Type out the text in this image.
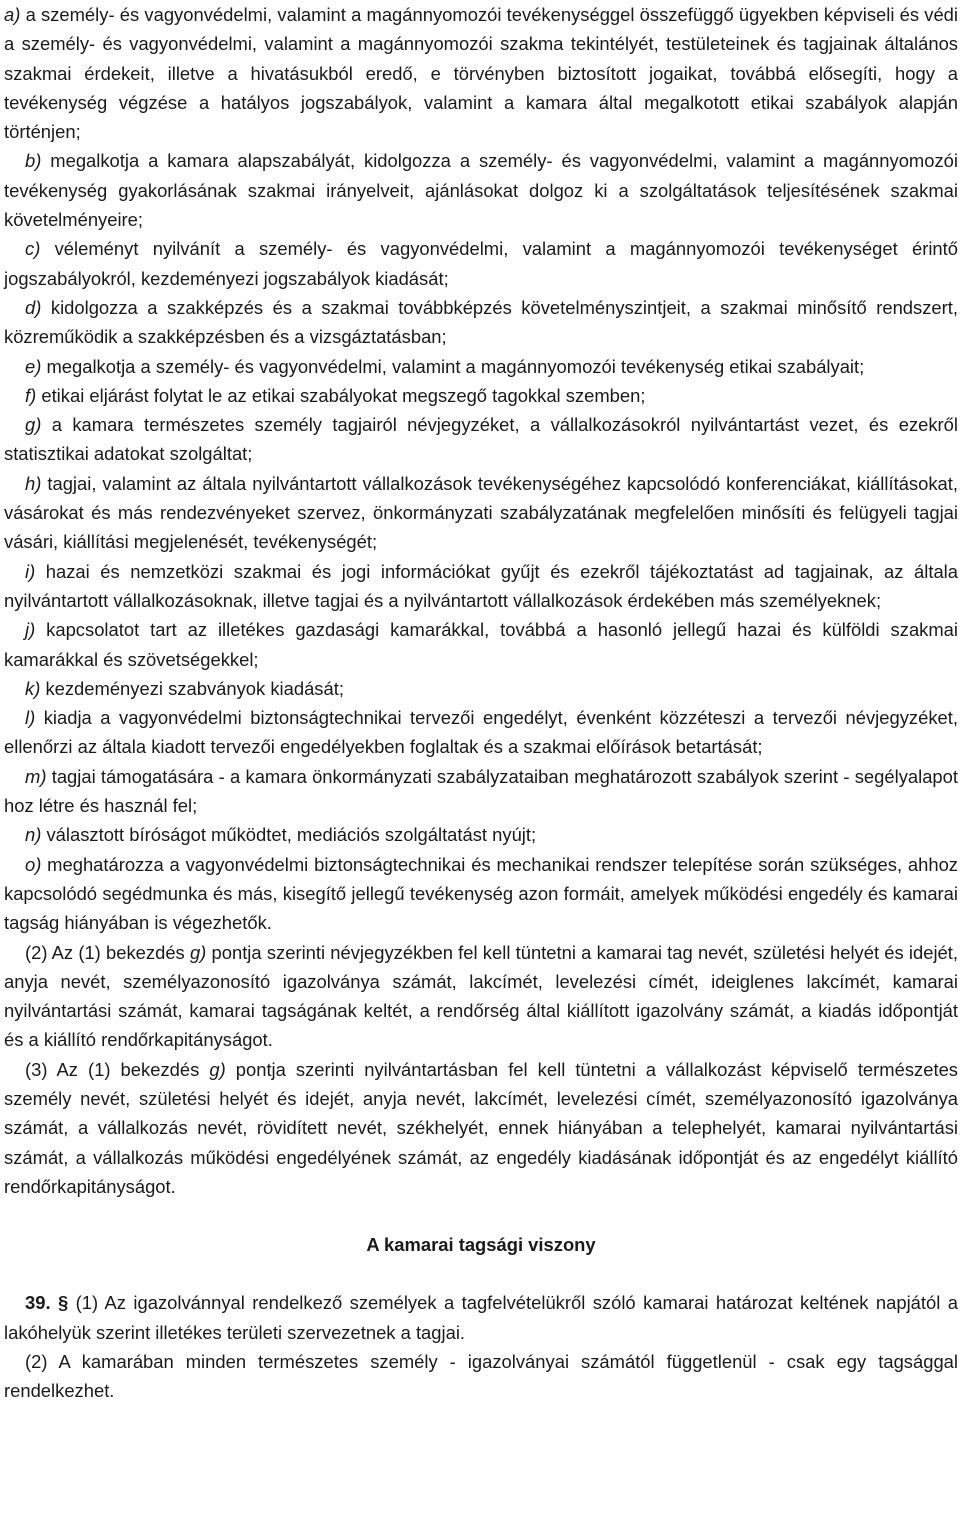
a) a személy- és vagyonvédelmi, valamint a magánnyomozói tevékenységgel összefüggő ügyekben képviseli és védi a személy- és vagyonvédelmi, valamint a magánnyomozói szakma tekintélyét, testületeinek és tagjainak általános szakmai érdekeit, illetve a hivatásukból eredő, e törvényben biztosított jogaikat, továbbá elősegíti, hogy a tevékenység végzése a hatályos jogszabályok, valamint a kamara által megalkotott etikai szabályok alapján történjen;
b) megalkotja a kamara alapszabályát, kidolgozza a személy- és vagyonvédelmi, valamint a magánnyomozói tevékenység gyakorlásának szakmai irányelveit, ajánlásokat dolgoz ki a szolgáltatások teljesítésének szakmai követelményeire;
c) véleményt nyilvánít a személy- és vagyonvédelmi, valamint a magánnyomozói tevékenységet érintő jogszabályokról, kezdeményezi jogszabályok kiadását;
d) kidolgozza a szakképzés és a szakmai továbbképzés követelményszintjeit, a szakmai minősítő rendszert, közreműködik a szakképzésben és a vizsgáztatásban;
e) megalkotja a személy- és vagyonvédelmi, valamint a magánnyomozói tevékenység etikai szabályait;
f) etikai eljárást folytat le az etikai szabályokat megszegő tagokkal szemben;
g) a kamara természetes személy tagjairól névjegyzéket, a vállalkozásokról nyilvántartást vezet, és ezekről statisztikai adatokat szolgáltat;
h) tagjai, valamint az általa nyilvántartott vállalkozások tevékenységéhez kapcsolódó konferenciákat, kiállításokat, vásárokat és más rendezvényeket szervez, önkormányzati szabályzatának megfelelően minősíti és felügyeli tagjai vásári, kiállítási megjelenését, tevékenységét;
i) hazai és nemzetközi szakmai és jogi információkat gyűjt és ezekről tájékoztatást ad tagjainak, az általa nyilvántartott vállalkozásoknak, illetve tagjai és a nyilvántartott vállalkozások érdekében más személyeknek;
j) kapcsolatot tart az illetékes gazdasági kamarákkal, továbbá a hasonló jellegű hazai és külföldi szakmai kamarákkal és szövetségekkel;
k) kezdeményezi szabványok kiadását;
l) kiadja a vagyonvédelmi biztonságtechnikai tervezői engedélyt, évenként közzéteszi a tervezői névjegyzéket, ellenőrzi az általa kiadott tervezői engedélyekben foglaltak és a szakmai előírások betartását;
m) tagjai támogatására - a kamara önkormányzati szabályzataiban meghatározott szabályok szerint - segélyalapot hoz létre és használ fel;
n) választott bíróságot működtet, mediációs szolgáltatást nyújt;
o) meghatározza a vagyonvédelmi biztonságtechnikai és mechanikai rendszer telepítése során szükséges, ahhoz kapcsolódó segédmunka és más, kisegítő jellegű tevékenység azon formáit, amelyek működési engedély és kamarai tagság hiányában is végezhetők.
(2) Az (1) bekezdés g) pontja szerinti névjegyzékben fel kell tüntetni a kamarai tag nevét, születési helyét és idejét, anyja nevét, személyazonosító igazolványa számát, lakcímét, levelezési címét, ideiglenes lakcímét, kamarai nyilvántartási számát, kamarai tagságának keltét, a rendőrség által kiállított igazolvány számát, a kiadás időpontját és a kiállító rendőrkapitányságot.
(3) Az (1) bekezdés g) pontja szerinti nyilvántartásban fel kell tüntetni a vállalkozást képviselő természetes személy nevét, születési helyét és idejét, anyja nevét, lakcímét, levelezési címét, személyazonosító igazolványa számát, a vállalkozás nevét, rövidített nevét, székhelyét, ennek hiányában a telephelyét, kamarai nyilvántartási számát, a vállalkozás működési engedélyének számát, az engedély kiadásának időpontját és az engedélyt kiállító rendőrkapitányságot.
A kamarai tagsági viszony
39. § (1) Az igazolvánnyal rendelkező személyek a tagfelvételükről szóló kamarai határozat keltének napjától a lakóhelyük szerint illetékes területi szervezetnek a tagjai.
(2) A kamarában minden természetes személy - igazolványai számától függetlenül - csak egy tagsággal rendelkezhet.
